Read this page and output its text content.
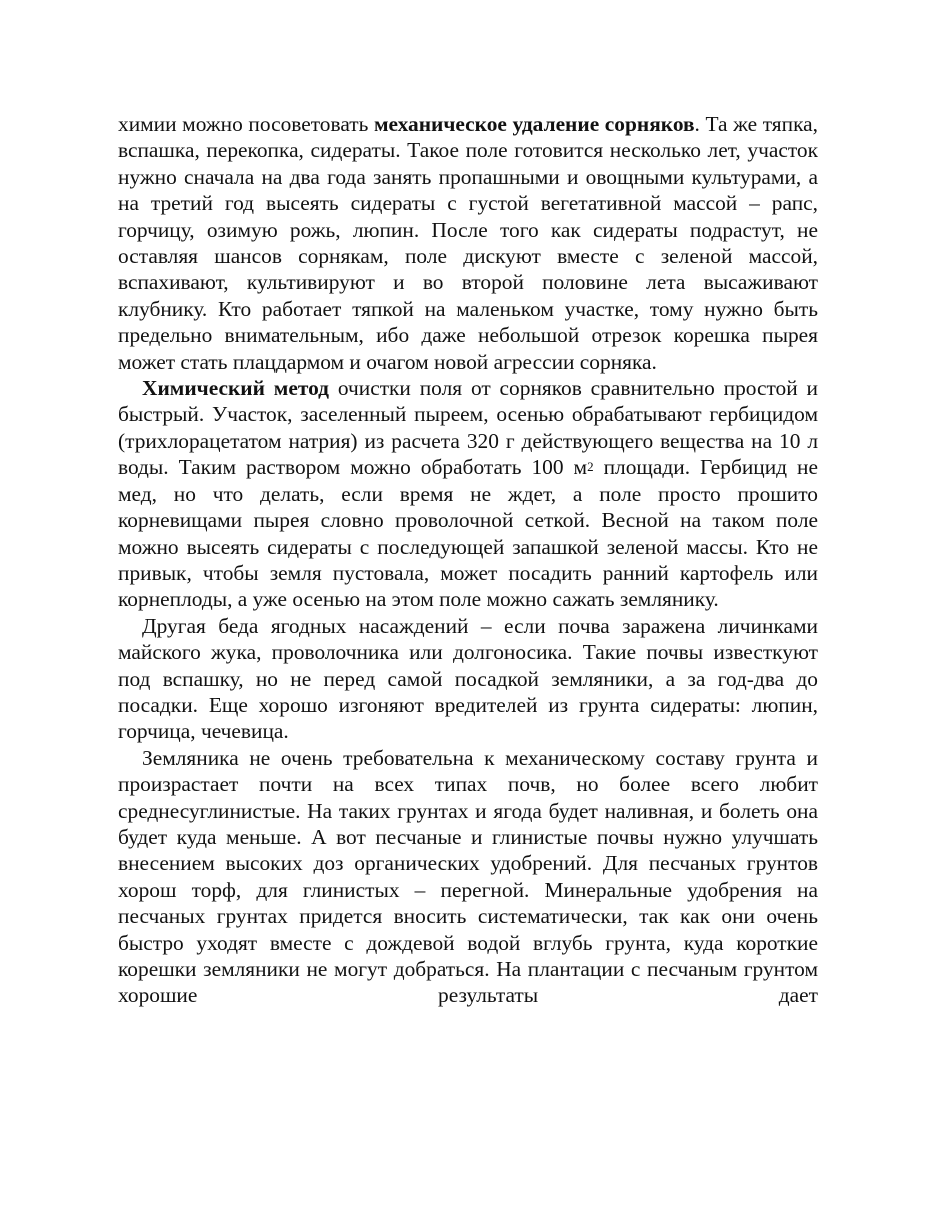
химии можно посоветовать механическое удаление сорняков. Та же тяпка, вспашка, перекопка, сидераты. Такое поле готовится несколько лет, участок нужно сначала на два года занять пропашными и овощными культурами, а на третий год высеять сидераты с густой вегетативной массой – рапс, горчицу, озимую рожь, люпин. После того как сидераты подрастут, не оставляя шансов сорнякам, поле дискуют вместе с зеленой массой, вспахивают, культивируют и во второй половине лета высаживают клубнику. Кто работает тяпкой на маленьком участке, тому нужно быть предельно внимательным, ибо даже небольшой отрезок корешка пырея может стать плацдармом и очагом новой агрессии сорняка.

Химический метод очистки поля от сорняков сравнительно простой и быстрый. Участок, заселенный пыреем, осенью обрабатывают гербицидом (трихлорацетатом натрия) из расчета 320 г действующего вещества на 10 л воды. Таким раствором можно обработать 100 $м^2$ площади. Гербицид не мед, но что делать, если время не ждет, а поле просто прошито корневищами пырея словно проволочной сеткой. Весной на таком поле можно высеять сидераты с последующей запашкой зеленой массы. Кто не привык, чтобы земля пустовала, может посадить ранний картофель или корнеплоды, а уже осенью на этом поле можно сажать землянику.

Другая беда ягодных насаждений – если почва заражена личинками майского жука, проволочника или долгоносика. Такие почвы известкуют под вспашку, но не перед самой посадкой земляники, а за год-два до посадки. Еще хорошо изгоняют вредителей из грунта сидераты: люпин, горчица, чечевица.

Земляника не очень требовательна к механическому составу грунта и произрастает почти на всех типах почв, но более всего любит среднесуглинистые. На таких грунтах и ягода будет наливная, и болеть она будет куда меньше. А вот песчаные и глинистые почвы нужно улучшать внесением высоких доз органических удобрений. Для песчаных грунтов хорош торф, для глинистых – перегной. Минеральные удобрения на песчаных грунтах придется вносить систематически, так как они очень быстро уходят вместе с дождевой водой вглубь грунта, куда короткие корешки земляники не могут добраться. На плантации с песчаным грунтом хорошие результаты дает
